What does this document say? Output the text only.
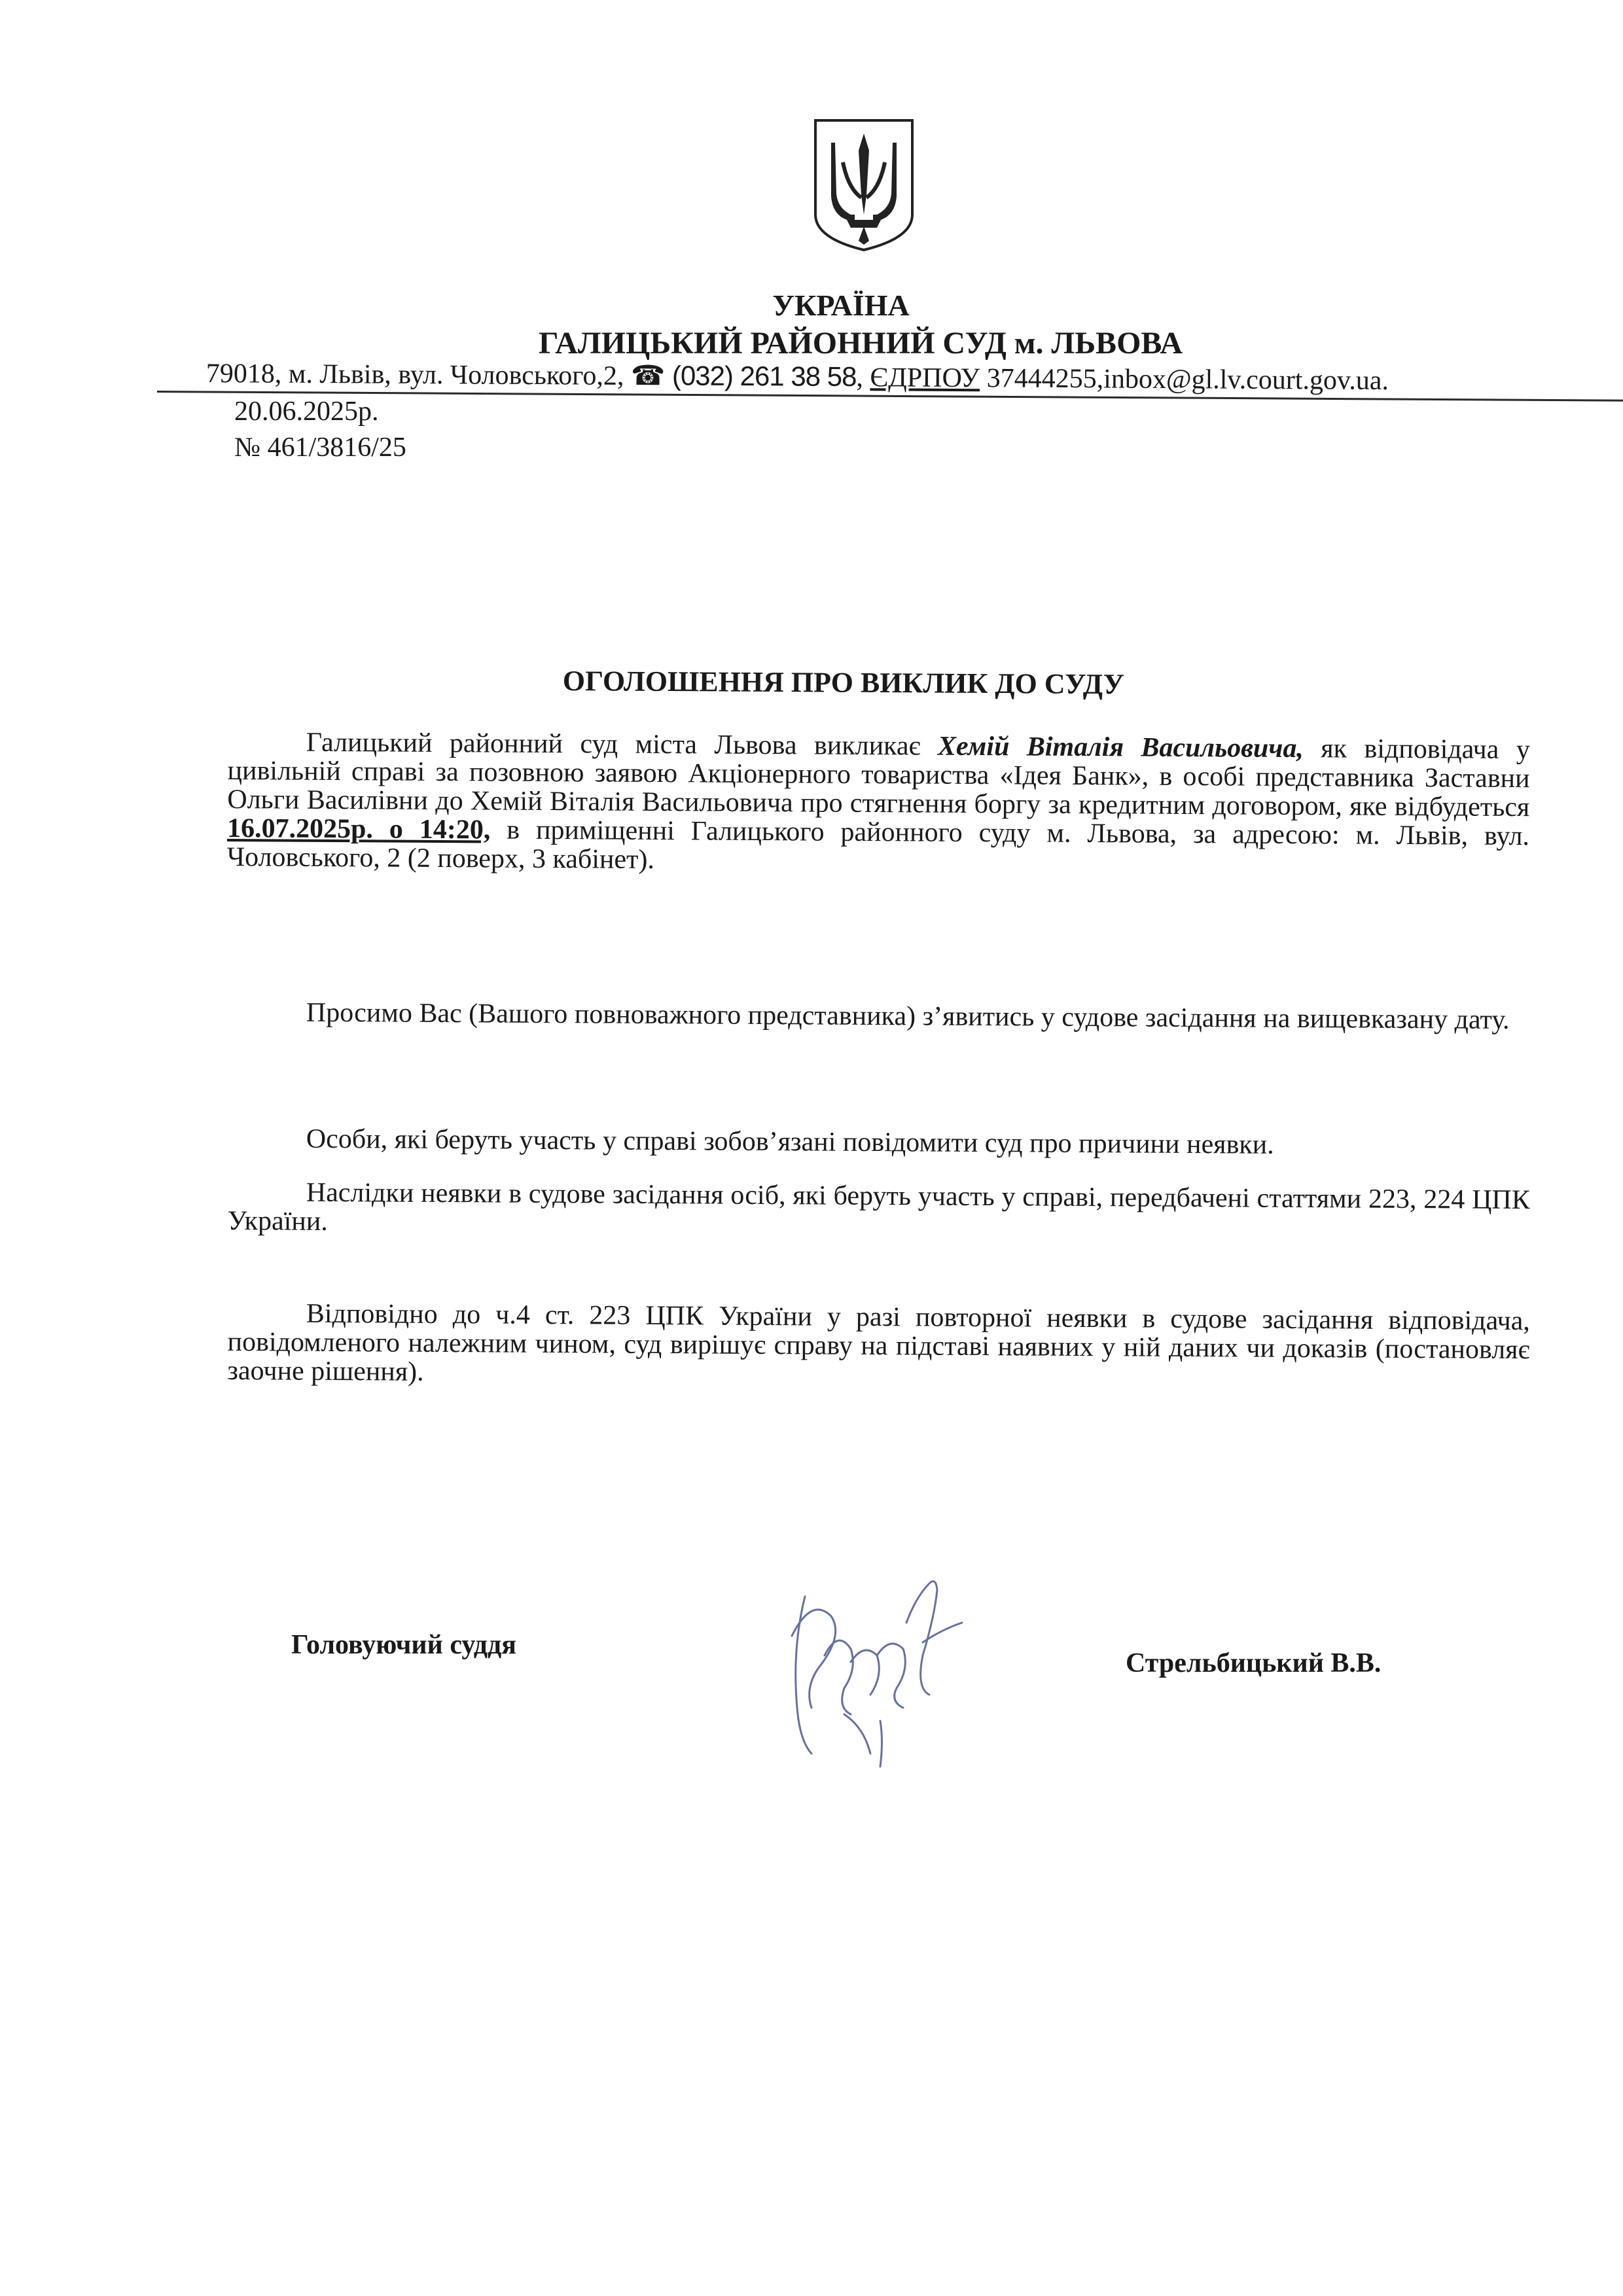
УКРАЇНА
ГАЛИЦЬКИЙ РАЙОННИЙ СУД м. ЛЬВОВА
79018, м. Львів, вул. Чоловського,2, ☎ (032) 261 38 58, ЄДРПОУ 37444255,inbox@gl.lv.court.gov.ua.
20.06.2025р.
№ 461/3816/25
ОГОЛОШЕННЯ ПРО ВИКЛИК ДО СУДУ
Галицький районний суд міста Львова викликає Хемій Віталія Васильовича, як відповідача у цивільній справі за позовною заявою Акціонерного товариства «Ідея Банк», в особі представника Заставни Ольги Василівни до Хемій Віталія Васильовича про стягнення боргу за кредитним договором, яке відбудеться 16.07.2025р. о 14:20, в приміщенні Галицького районного суду м. Львова, за адресою: м. Львів, вул. Чоловського, 2 (2 поверх, 3 кабінет).
Просимо Вас (Вашого повноважного представника) з’явитись у судове засідання на вищевказану дату.
Особи, які беруть участь у справі зобов’язані повідомити суд про причини неявки.
Наслідки неявки в судове засідання осіб, які беруть участь у справі, передбачені статтями 223, 224 ЦПК України.
Відповідно до ч.4 ст. 223 ЦПК України у разі повторної неявки в судове засідання відповідача, повідомленого належним чином, суд вирішує справу на підставі наявних у ній даних чи доказів (постановляє заочне рішення).
Головуючий суддя
Стрельбицький В.В.
